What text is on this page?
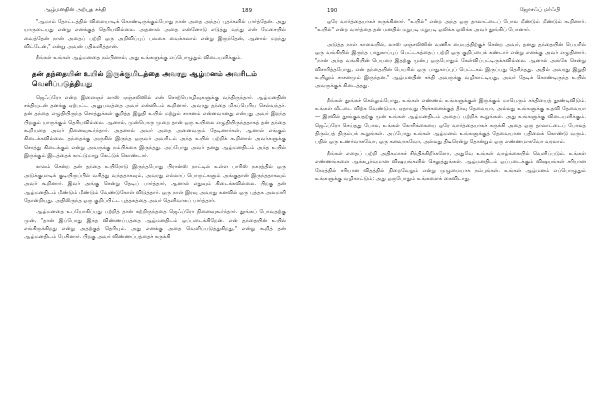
ஆழ்மனதின் அற்புத சக்தி	189

"ஆமாம் தோட்டத்தில் விளையாடிக் கொண்டிருக்கும்போது நான் அதை அந்தப் புதர்களில் பார்த்தேன். அது யாருடையது என்று எனக்குத் தெரியவில்லை. அதனால் அதை என்னோடு எடுத்து வந்து என் மேசையில் வைத்தேன் நான் அதைப் பற்றி ஒரு அறிவிப்புப் பலகை வைக்கலாம் என்று இருந்தேன், ஆனால் மறந்து விட்டேன்," என்று அவன் பதிலளித்தான்.

நீங்கள் உங்கள் ஆழ்மனதை நம்பினால், அது உங்களுக்கு எப்பொழுதும் விடையளிக்கும்.

தன் தந்தையின் உயில் இருக்குமிடத்தை அவரது ஆழ்மனம் அவரிடம் வெளிப்படுத்தியது

ஜெஃப்ரோ என்ற இளைஞர் லாஸ் ஏஞ்சலிஸில் என் சொற்பொழிவுகளுக்கு வந்திருந்தார். ஆழ்மனதின் சக்தியுடன் தனக்கு ஏற்பட்ட அனுபவத்தை அவர் என்னிடம் கூறினார். அவரது தந்தை மிகப்பெரிய செல்வந்தர். தன் தந்தை எழுதியிருந்த சொத்துக்கள் குறித்த இறுதி உயில் மற்றும் சாசனம் என்னவானது என்பது அவர் இறந்த பிறகும் யாருக்கும் தெரியவில்லை. ஆனால், முன்பொரு முறை தான் ஒரு உயிலை எழுதியிருந்ததாகத் தன் தந்தை கூறியதை அவர் நினைவுகூர்ந்தார். அதனால் அவர் அதை அனைவரும் தேடினார்கள், ஆனால் எங்கும் கிடைக்கவில்லை. தந்தைக்கு அருகில் இருந்த ஒருவர் அவரிடம் அந்த உயில் பற்றிக் கூறினால் அவர்களுக்கு சொத்து கிடைக்கும் என்று அவருக்கு நம்பிக்கை இருந்தது. அப்போது அவர் தனது ஆழ்மனதிடம் அந்த உயில் இருக்கும் இடத்தைக் காட்டுமாறு கேட்டுக் கொண்டார்.

காலம் சென்ற தன் தந்தை உயிரோடு இருந்தபோது பிரான்ஸ் நாட்டில் உள்ள பாரிஸ் நகரத்தில் ஒரு அடுக்குமாடிக் குடியிருப்பில் வசித்து வந்ததாகவும், அவரது எல்லாப் பொருட்களும் அங்குதான் இருந்ததாகவும் அவர் கூறினார். இவர் அங்கு சென்று தேடிப் பார்த்தார், ஆனால் எதுவும் கிடைக்கவில்லை. பிறகு தன் ஆழ்மனதிடம் மீண்டும் மீண்டும் வேண்டுகோள் விடுத்தார். ஒரு நாள் இரவு அவரது கனவில் ஒரு புத்தக அலமாரி தோன்றியது. அதிலிருந்த ஒரு குறிப்பிட்ட புத்தகத்தை அவர் தெளிவாகப் பார்த்தார்.

ஆழ்மனதை உபயோகிப்பது பற்றித் தான் கற்றிருந்ததை ஜெஃப்ரோ நினைவுகூர்ந்தார். தூங்கப் போவதற்கு முன், "தான் இப்போது இந்த விண்ணப்பத்தை ஆழ்மனதிடம் ஒப்படைக்கிறேன். என் தந்தையின் உயில் எங்கிருக்கிறது என்று அதற்குத் தெரியும். அது எனக்கு அதை வெளிப்படுத்துகிறது," என்று கூறித் தன் ஆழ்மனதிடம் பேசினார். பிறகு அவர் விண்ணப்பத்தைச் சுருக்கி

190	ஜோசஃப் மர்ஃபி

ஒரே வார்த்தையாகச் சுருக்கினார். "உயில்" என்ற அந்த ஒரு தாலாட்டைப் போல மீண்டும் மீண்டும் கூறினார். "உயில்" என்ற வார்த்தை தன் மனதில் மறுபடி மறுபடி ஒலிக்க ஒலிக்க அவர் தூங்கிப் போனார்.

அடுத்த நாள் காலையில், லாஸ் ஏஞ்சலிஸின் வணிக மையத்திற்குச் சென்ற அவர், தனது தந்தையின் பெயரில் ஒரு வங்கியில் இருந்த பாதுகாப்புப் பெட்டகத்தைப் பற்றி ஒரு குறிப்பைக் கண்டார் என்று எனக்கு அவர் எழுதினார். "நான் அந்த வங்கியின் பெயரை இதற்கு முன்பு ஒருபோதும் கேள்விப்பட்டிருக்கவில்லை. ஆனால் அங்கே சென்று விசாரித்தபோது, என் தந்தையின் பெயரில் ஒரு பாதுகாப்புப் பெட்டகம் இருப்பது தெரிந்தது. அதில் அவரது இறுதி உயிலும் சாசனமும் இருந்தன." ஆழ்மனதின் சக்தி அவருக்கு வழிகாட்டியது, அவர் தேடிக் கொண்டிருந்த உயில் அவருக்குக் கிடைத்தது.

நீங்கள் தூங்கச் செல்லும்போது, உங்கள் எண்ணம் உங்களுக்குள் இருக்கும் மாபெரும் சக்தியைத் தூண்டிவிடும். உங்கள் வீட்டை விற்க வேண்டுமா, ஏதாவது பிரச்சனைக்குத் தீர்வு தேவையா, அல்லது உங்களுக்கு உதவி தேவையா — இரவில் தூங்குவதற்கு முன் உங்கள் ஆழ்மனதிடம் அதைப் பற்றிக் கூறுங்கள். அது உங்களுக்கு விடையளிக்கும். ஜெஃப்ரோ செய்தது போல, உங்கள் கோரிக்கையை ஒரே வார்த்தையாகச் சுருக்கி அதை ஒரு தாலாட்டைப் போலத் திரும்பத் திரும்பக் கூறுங்கள். அப்போது உங்கள் ஆழ்மனம் உங்களுக்குத் தேவையான பதிலைக் கொண்டு வரும். பதில் ஒரு உணர்வாகவோ, ஒரு கனவாகவோ, அல்லது திடீரென்று தோன்றும் ஒரு எண்ணமாகவோ வரலாம்.

நீங்கள் எதைப் பற்றி அதிகமாகச் சிந்திக்கிறீர்களோ, அதுவே உங்கள் வாழ்க்கையில் வெளிப்படும். உங்கள் எண்ணங்களை ஆக்கபூர்வமான விஷயங்களில் செலுத்துங்கள். ஆழ்மனதிடம் ஒப்படைக்கும் விஷயங்கள் சரியான நேரத்தில் சரியான விதத்தில் நிறைவேறும் என்று முழுமையாக நம்புங்கள். உங்கள் ஆழ்மனம் எப்பொழுதும் உங்களுக்கு வழிகாட்டும்; அது ஒருபோதும் உங்களைக் கைவிடாது.
